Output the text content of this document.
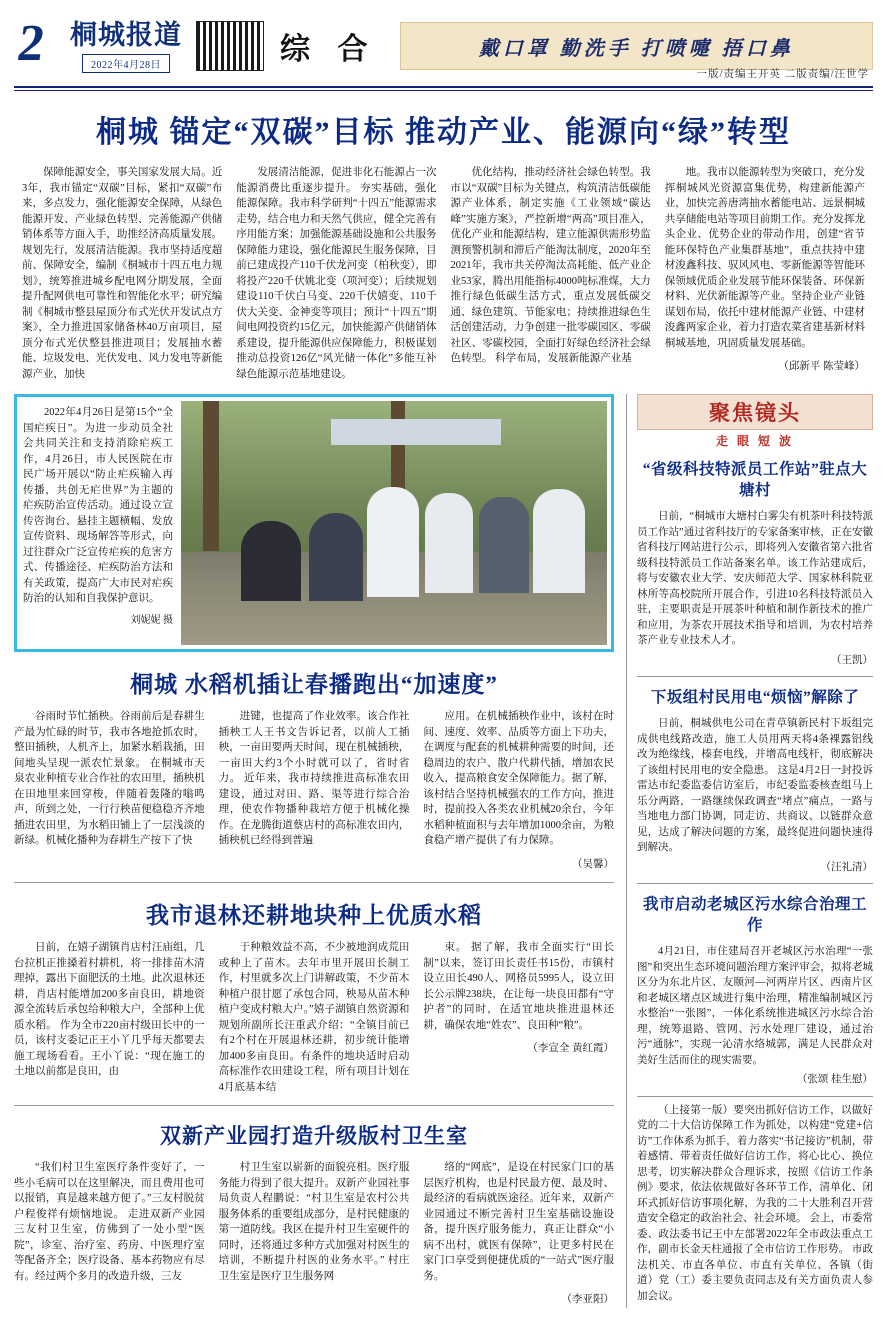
2 桐城报道
2022年4月28日	综 合	戴口罩 勤洗手 打喷嚏 捂口鼻
一版/责编王开英 二版责编/汪世学
桐城 锚定“双碳”目标 推动产业、能源向“绿”转型

保障能源安全，事关国家发展大局。近3年，我市锚定“双碳”目标，紧扣“双碳”布来，多点发力，强化能源安全保障，从绿色能源开发、产业绿色转型、完善能源产供储销体系等方面入手，助推经济高质量发展。 规划先行，发展清洁能源。我市坚持适度超前、保障安全，编制《桐城市十四五电力规划》，统筹推进城乡配电网分期发展，全面提升配网供电可靠性和智能化水平；研究编制《桐城市整县屋顶分布式光伏开发试点方案》，全力推进国家储备林40万亩项目，屋顶分布式光伏整县推进项目；发展抽水蓄能、垃圾发电、光伏发电、风力发电等新能源产业，加快

发展清洁能源，促进非化石能源占一次能源消费比重逐步提升。 夯实基础，强化能源保障。我市科学研判“十四五”能源需求走势，结合电力和天然气供应，健全完善有序用能方案；加强能源基础设施和公共服务保障能力建设，强化能源民生服务保障，目前已建成投产110千伏龙河变（柏秋变），即将投产220千伏姚北变（项河变）；后续规划建设110千伏白马变、220千伏嬉变、110千伏大关变、金神变等项目；预计“十四五”期间电网投资约15亿元，加快能源产供储销体系建设，提升能源供应保障能力，积极谋划推动总投资126亿“风光储一体化”多能互补绿色能源示范基地建设。

优化结构，推动经济社会绿色转型。我市以“双碳”目标为关键点，构筑清洁低碳能源产业体系，制定实施《工业领域“碳达峰”实施方案》，严控新增“两高”项目准入，优化产业和能源结构，建立能源供需形势监测预警机制和滞后产能淘汰制度，2020年至2021年，我市共关停淘汰高耗能、低产业企业53家，腾出用能指标4000吨标准煤，大力推行绿色低碳生活方式，重点发展低碳交通、绿色建筑、节能家电；持续推进绿色生活创建活动，力争创建一批零碳园区、零碳社区、零碳校园，全面打好绿色经济社会绿色转型。 科学布局，发展新能源产业基

地。我市以能源转型为突破口，充分发挥桐城风光资源富集优势，构建新能源产业，加快完善唐湾抽水蓄能电站、远景桐城共享储能电站等项目前期工作。充分发挥龙头企业、优势企业的带动作用，创建“省节能环保特色产业集群基地”，重点扶持中建材浚鑫科技、驭风风电、零新能源等智能环保领域优质企业发展节能环保装备、环保新材料、光伏新能源等产业。坚持企业产业链谋划布局，依托中建材能源产业链、中建材浚鑫两家企业，着力打造农菜省建基新材料桐城基地，巩固质量发展基础。

（邱新平 陈莹峰）

2022年4月26日是第15个“全国疟疾日”。为进一步动员全社会共同关注和支持消除疟疾工作，4月26日，市人民医院在市民广场开展以“防止疟疾输入再传播，共创无疟世界”为主题的疟疾防治宣传活动。通过设立宣传咨询台、悬挂主题横幅、发放宣传资料、现场解答等形式，向过往群众广泛宣传疟疾的危害方式、传播途径、疟疾防治方法和有关政策，提高广大市民对疟疾防治的认知和自我保护意识。

刘妮妮 摄
桐城 水稻机插让春播跑出“加速度”

谷雨时节忙插秧。谷雨前后是春耕生产最为忙碌的时节，我市各地抢抓农时，整田插秧，人机齐上，加紧水稻栽插，田间地头呈现一派农忙景象。 在桐城市天泉农业种植专业合作社的农田里，插秧机在田地里来回穿梭，伴随着轰隆的嗡鸣声，所到之处，一行行秧苗便稳稳齐齐地插进农田里，为水稻田铺上了一层浅淡的新绿。机械化播种为春耕生产按下了快

进键，也提高了作业效率。该合作社插秧工人王书文告诉记者，以前人工插秧，一亩田要两天时间，现在机械插秧，一亩田大约3个小时就可以了，省时省力。 近年来，我市持续推进高标准农田建设，通过对田、路、渠等进行综合治理，使农作物播种栽培方便于机械化操作。在龙腾街道蔡店村的高标准农田内，插秧机已经得到普遍

应用。在机械插秧作业中，该村在时间、速度、效率、品质等方面上下功夫，在调度与配套的机械耕种需要的时间，还稳周边的农户、散户代耕代插，增加农民收入，提高粮食安全保障能力。据了解，该村结合坚持机械强农的工作方向，推进时，提前投入各类农业机械20余台，今年水稻种植面积与去年增加1000余亩，为粮食稳产增产提供了有力保障。

（吴馨）
我市退林还耕地块种上优质水稻

日前，在嬉子湖镇肖店村汪庙组，几台拉机正推搡着村耕机，将一排排苗木清理掉，露出下面肥沃的土地。此次退林还耕，肖店村能增加200多亩良田，耕地资源全流转后承包给种粮大户，全部种上优质水稻。 作为全市220亩村级田长中的一员，该村支委记正王小丫几乎每天都要去施工现场看看。王小丫说：“现在施工的土地以前都是良田，由

于种粮效益不高，不少被地润成荒田或种上了苗木。去年市里开展田长制工作，村里就多次上门讲解政策，不少苗木种植户很甘愿了承包合同，秧易从苗木种植户变成村粮大户。”嬉子湖镇自然资源和规划所副所长汪重武介绍：“全镇目前已有2个村在开展退林还耕，初步统计能增加400多亩良田。有条件的地块适时启动高标准作农田建设工程，所有项目计划在4月底基本结

束。 据了解，我市全面实行“田长制”以来，签订田长责任书15份，市镇村设立田长490人、网格员5995人，设立田长公示牌238块，在让每一块良田都有“守护者”的同时，在适宜地块推进退林还耕，确保农地“姓农”、良田种“粮”。

（李宣全 黄红霞）
双新产业园打造升级版村卫生室

“我们村卫生室医疗条件变好了，一些小毛病可以在这里解决，而且费用也可以报销，真是越来越方便了。”三友村脱贫户程俊祥有烦恼地说。 走进双新产业园三友村卫生室，仿佛到了一处小型“医院”，诊室、治疗室、药房、中医理疗室等配备齐全；医疗设备、基本药物应有尽有。经过两个多月的改造升级，三友

村卫生室以崭新的面貌亮相。医疗服务能力得到了很大提升。双新产业园社事局负责人程鹏说：“村卫生室是农村公共服务体系的重要组成部分，是村民健康的第一道防线。我区在提升村卫生室硬件的同时，还将通过多种方式加强对村医生的培训，不断提升村医的业务水平。” 村庄卫生室是医疗卫生服务网

络的“网底”，是设在村民家门口的基层医疗机构，也是村民最方便、最及时、最经济的看病就医途径。近年来，双新产业园通过不断完善村卫生室基础设施设备，提升医疗服务能力，真正让群众“小病不出村，就医有保障”，让更多村民在家门口享受到便捷优质的“一站式”医疗服务。

（李亚阳）
聚焦镜头
走 眼 短 波
“省级科技特派员工作站”驻点大塘村

日前，“桐城市大塘村白雾尖有机茶叶科技特派员工作站”通过省科技厅的专家备案审核，正在安徽省科技厅网站进行公示，即将列入安徽省第六批省级科技特派员工作站备案名单。该工作站建成后，将与安徽农业大学、安庆师范大学、国家林科院亚林所等高校院所开展合作，引进10名科技特派员入驻，主要职责是开展茶叶种植和制作新技术的推广和应用，为茶农开展技术指导和培训，为农村培养茶产业专业技术人才。

（王凯）
下坂组村民用电“烦恼”解除了

日前，桐城供电公司在青草镇新民村下坂组完成供电线路改造，施工人员用两天将4条裸露铝线改为绝缘线，榛套电线，并增高电线杆，彻底解决了该组村民用电的安全隐患。 这是4月2日一封投诉雷达市纪委监委信访室后，市纪委监委核查组马上乐分两路，一路继续保政调查“堵点”痛点，一路与当地电力部门协调，同走访、共商议、以链群众意见，达成了解决问题的方案，最终促进问题快速得到解决。

（汪礼清）
我市启动老城区污水综合治理工作

4月21日，市住建局召开老城区污水治理“一张图”和突出生态环境问题治理方案评审会，拟将老城区分为东北片区、友颐河—河两岸片区、西南片区和老城区堵点区域进行集中治理，精准编制城区污水整治“一张图”，一体化系统推进城区污水综合治理，统筹退路、管网、污水处理厂建设，通过治污“通脉”，实现一沁清水络城郭，满足人民群众对美好生活而住的现实需要。

（张颂 桂生慰）

（上接第一版）要突出抓好信访工作，以做好党的二十大信访保障工作为抓处，以构建“党建+信访”工作体系为抓手，着力落实“书记接访”机制，带着感情、带着责任做好信访工作，将心比心、换位思考，切实解决群众合理诉求，按照《信访工作条例》要求，依法依规做好各环节工作，清单化、闭环式抓好信访事项化解，为我的二十大胜利召开营造安全稳定的政治社会、社会环境。 会上，市委常委、政法委书记王中左部署2022年全市政法重点工作，副市长金天柱通报了全市信访工作形势。 市政法机关、市直各单位、市直有关单位、各镇（街道）党（工）委主要负责同志及有关方面负责人参加会议。
